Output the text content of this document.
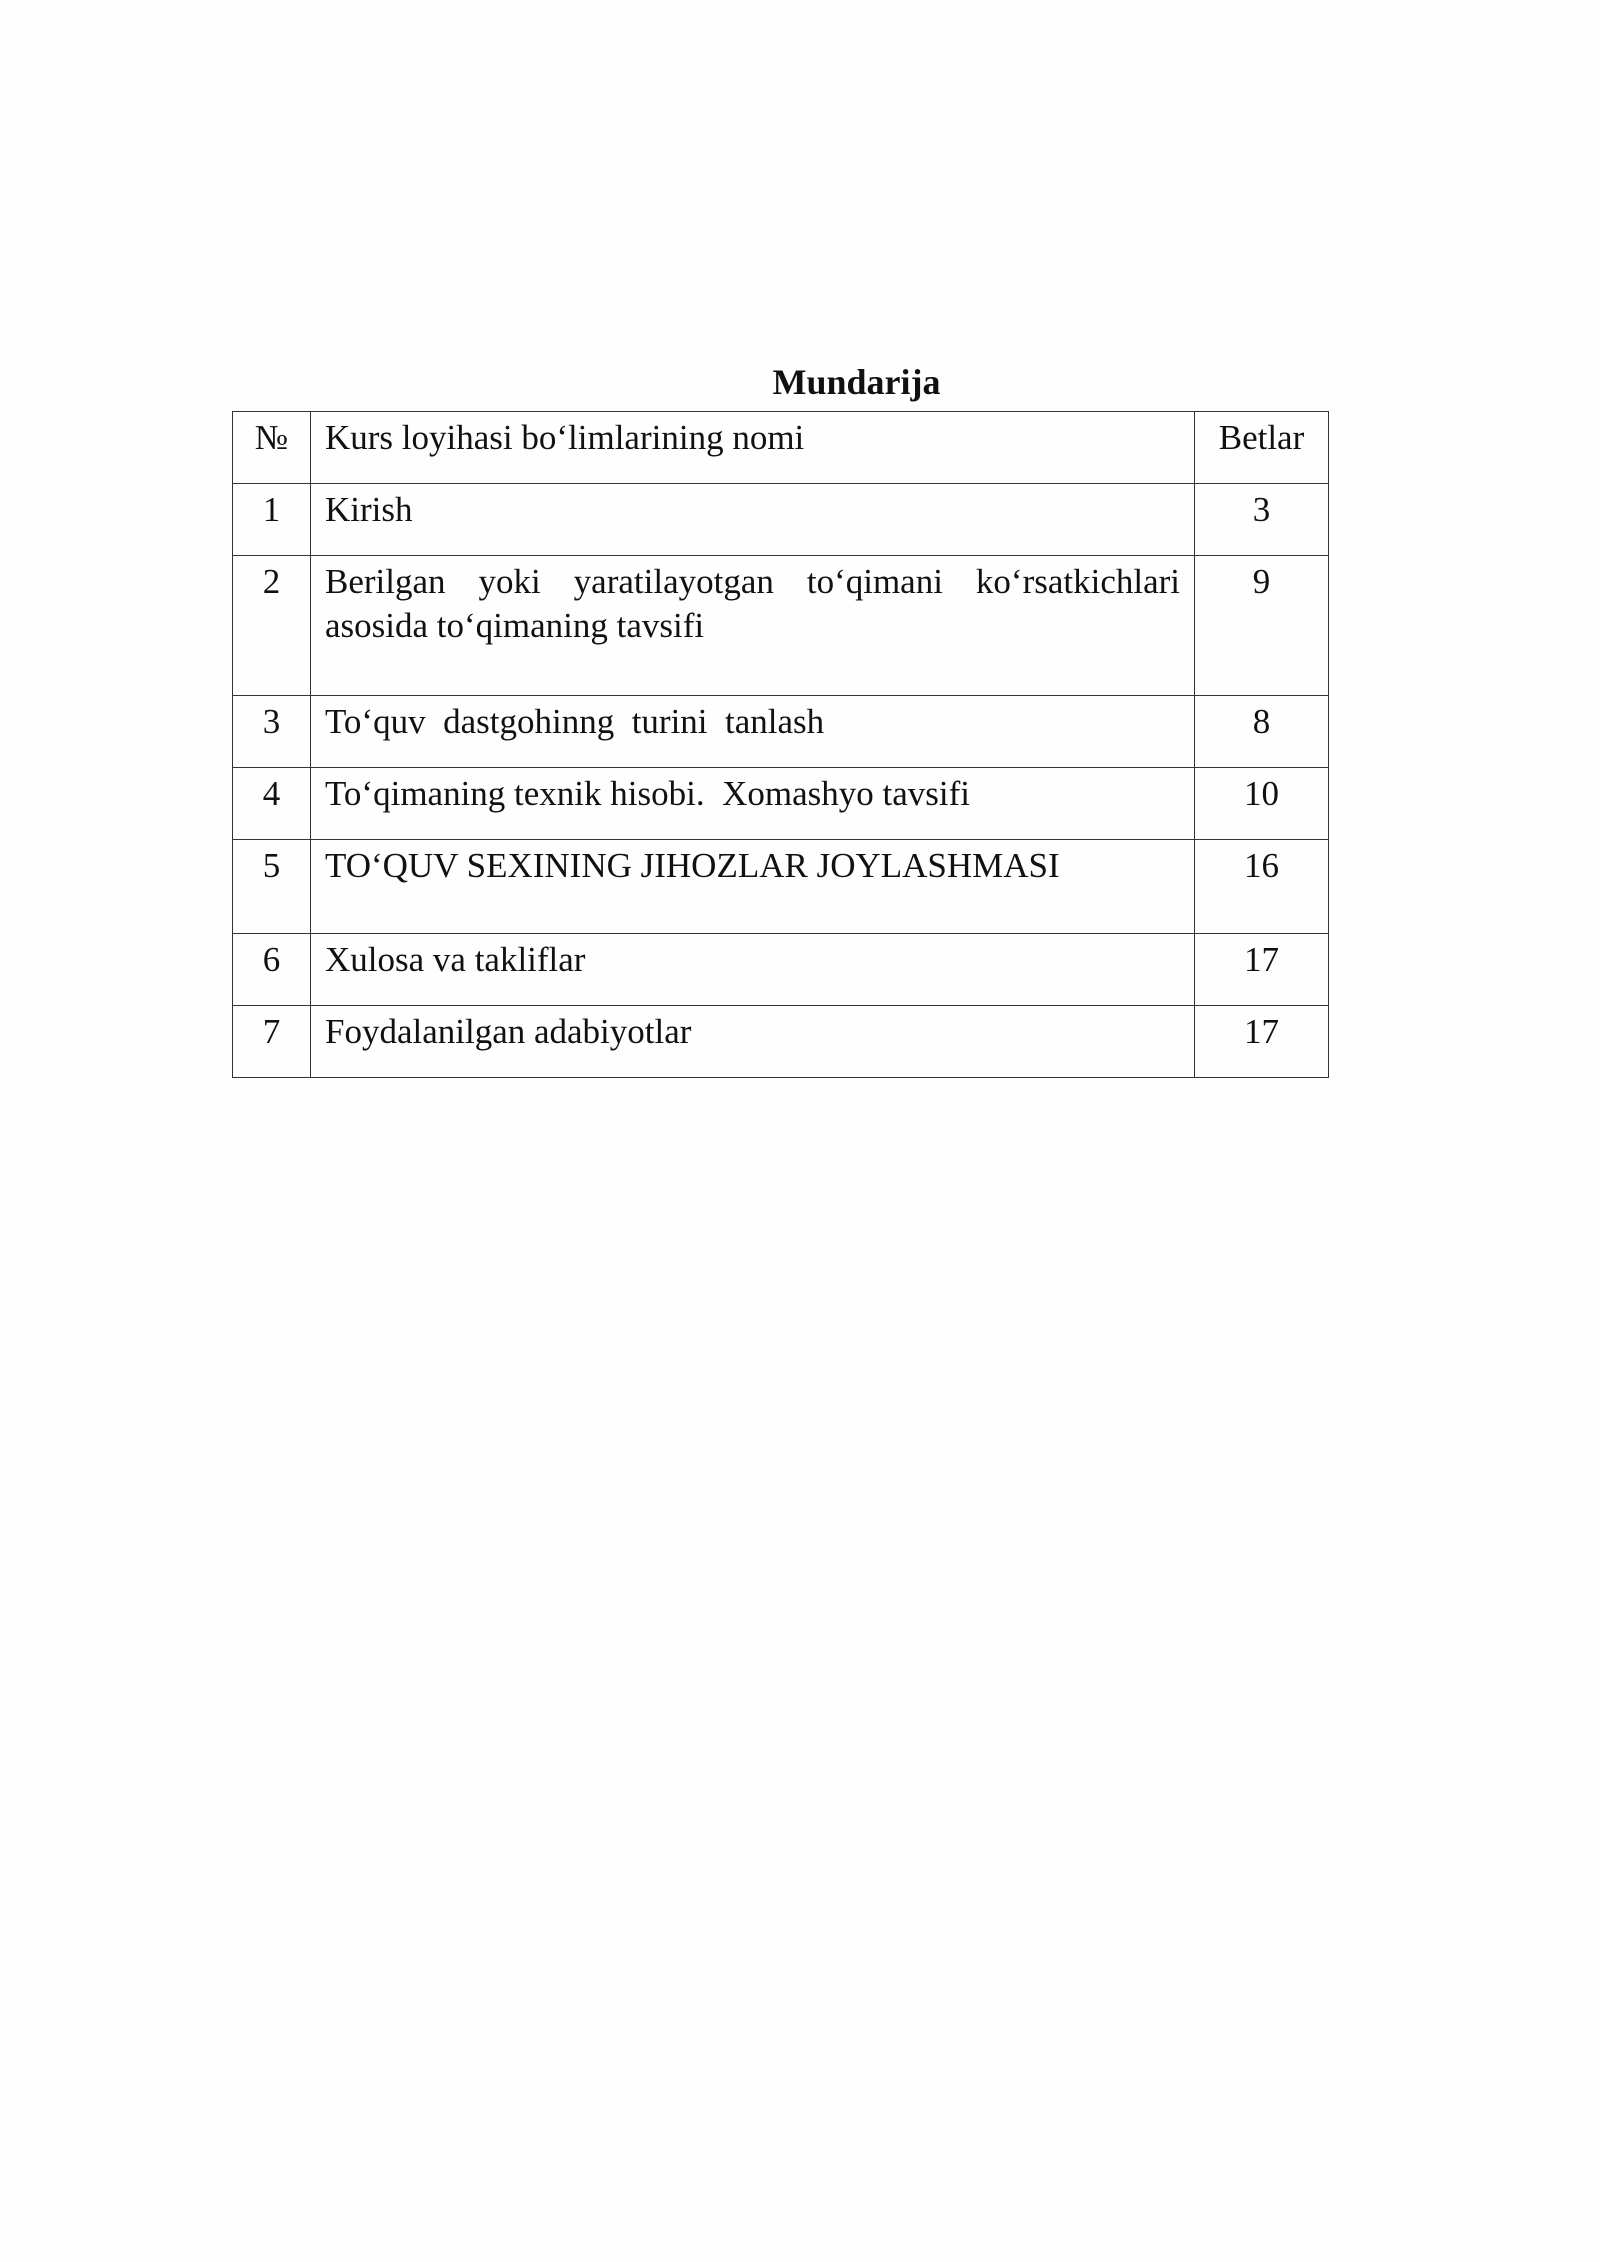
Mundarija
№	Kurs loyihasi bo‘limlarining nomi	Betlar
1	Kirish	3
2	Berilgan yoki yaratilayotgan to‘qimani ko‘rsatkichlari asosida to‘qimaning tavsifi	9
3	To‘quv  dastgohinng  turini  tanlash	8
4	To‘qimaning texnik hisobi.  Xomashyo tavsifi	10
5	TO‘QUV SEXINING JIHOZLAR JOYLASHMASI	16
6	Xulosa va takliflar	17
7	Foydalanilgan adabiyotlar	17
